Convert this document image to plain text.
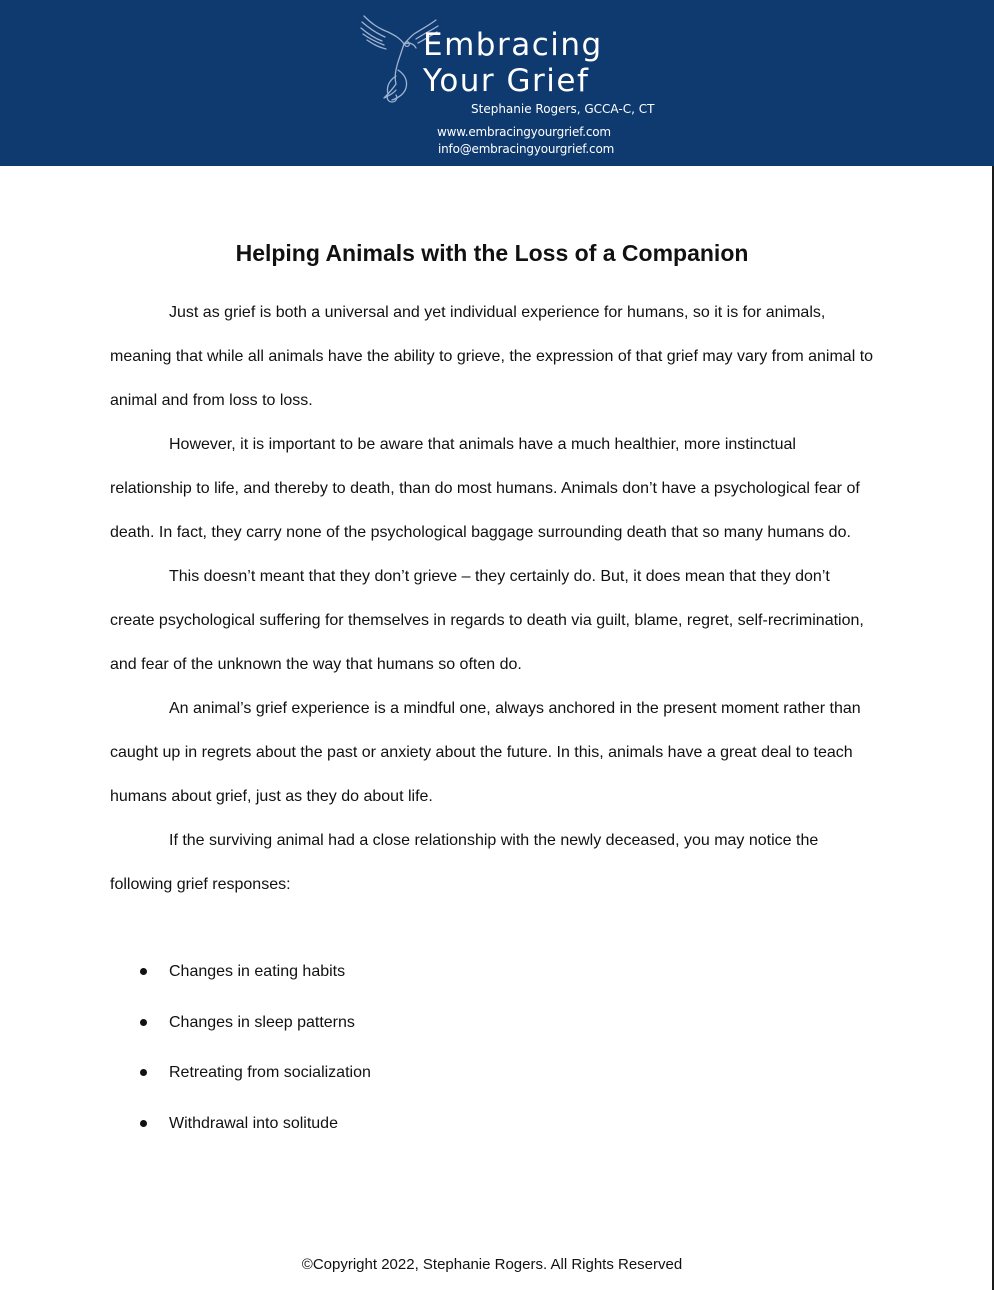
Embracing
Your Grief
Stephanie Rogers, GCCA-C, CT
www.embracingyourgrief.com
info@embracingyourgrief.com
Helping Animals with the Loss of a Companion

Just as grief is both a universal and yet individual experience for humans, so it is for animals, meaning that while all animals have the ability to grieve, the expression of that grief may vary from animal to animal and from loss to loss.

However, it is important to be aware that animals have a much healthier, more instinctual relationship to life, and thereby to death, than do most humans. Animals don’t have a psychological fear of death. In fact, they carry none of the psychological baggage surrounding death that so many humans do.

This doesn’t meant that they don’t grieve – they certainly do. But, it does mean that they don’t create psychological suffering for themselves in regards to death via guilt, blame, regret, self-recrimination, and fear of the unknown the way that humans so often do.

An animal’s grief experience is a mindful one, always anchored in the present moment rather than caught up in regrets about the past or anxiety about the future. In this, animals have a great deal to teach humans about grief, just as they do about life.

If the surviving animal had a close relationship with the newly deceased, you may notice the following grief responses:

Changes in eating habits
Changes in sleep patterns
Retreating from socialization
Withdrawal into solitude
©Copyright 2022, Stephanie Rogers. All Rights Reserved
